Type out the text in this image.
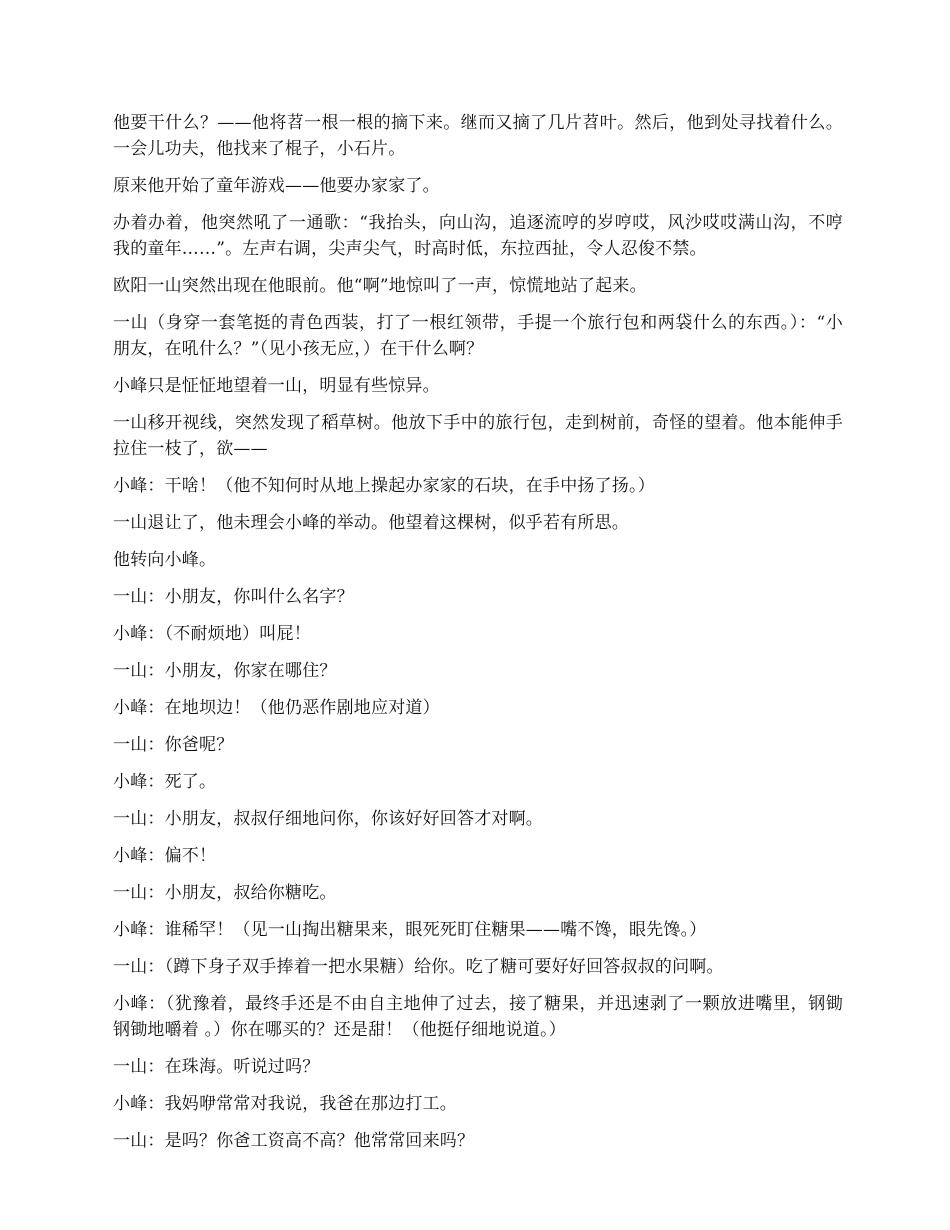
他要干什么？——他将苕一根一根的摘下来。继而又摘了几片苕叶。然后，他到处寻找着什么。一会儿功夫，他找来了棍子，小石片。

原来他开始了童年游戏——他要办家家了。

办着办着，他突然吼了一通歌：“我抬头，向山沟，追逐流哼的岁哼哎，风沙哎哎满山沟，不哼我的童年……”。左声右调，尖声尖气，时高时低，东拉西扯，令人忍俊不禁。

欧阳一山突然出现在他眼前。他“啊”地惊叫了一声，惊慌地站了起来。

一山（身穿一套笔挺的青色西装，打了一根红领带，手提一个旅行包和两袋什么的东西。）：“小朋友，在吼什么？”（见小孩无应，）在干什么啊？

小峰只是怔怔地望着一山，明显有些惊异。

一山移开视线，突然发现了稻草树。他放下手中的旅行包，走到树前，奇怪的望着。他本能伸手拉住一枝了，欲——

小峰：干啥！（他不知何时从地上操起办家家的石块，在手中扬了扬。）

一山退让了，他未理会小峰的举动。他望着这棵树，似乎若有所思。

他转向小峰。

一山：小朋友，你叫什么名字？

小峰：（不耐烦地）叫屁！

一山：小朋友，你家在哪住？

小峰：在地坝边！（他仍恶作剧地应对道）

一山：你爸呢？

小峰：死了。

一山：小朋友，叔叔仔细地问你，你该好好回答才对啊。

小峰：偏不！

一山：小朋友，叔给你糖吃。

小峰：谁稀罕！（见一山掏出糖果来，眼死死盯住糖果——嘴不馋，眼先馋。）

一山：（蹲下身子双手捧着一把水果糖）给你。吃了糖可要好好回答叔叔的问啊。

小峰：（犹豫着，最终手还是不由自主地伸了过去，接了糖果，并迅速剥了一颗放进嘴里，钢锄钢锄地嚼着 。）你在哪买的？还是甜！（他挺仔细地说道。）

一山：在珠海。听说过吗？

小峰：我妈咿常常对我说，我爸在那边打工。

一山：是吗？你爸工资高不高？他常常回来吗？
